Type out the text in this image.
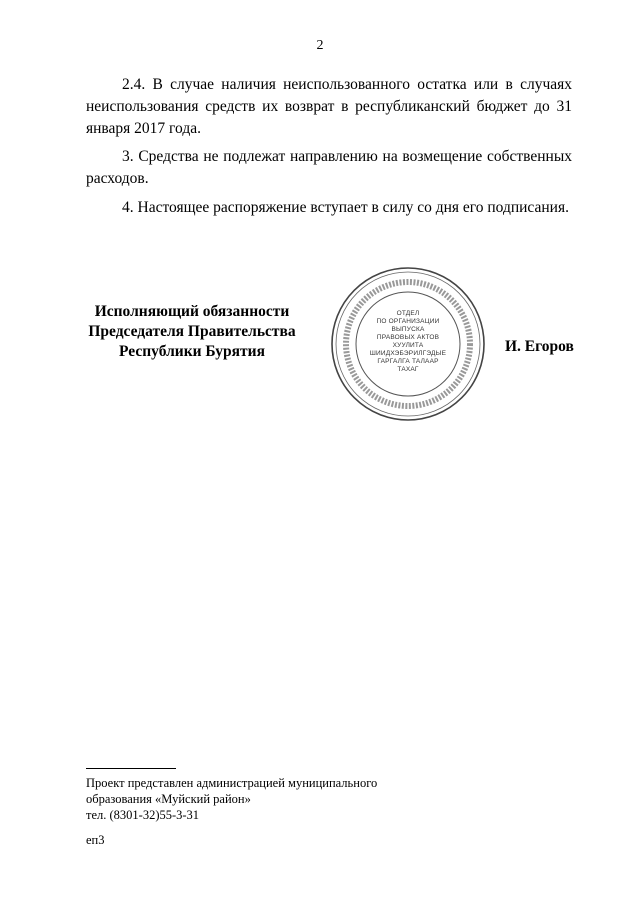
2

2.4. В случае наличия неиспользованного остатка или в случаях неиспользования средств их возврат в республиканский бюджет до 31 января 2017 года.

3. Средства не подлежат направлению на возмещение собственных расходов.

4. Настоящее распоряжение вступает в силу со дня его подписания.

Исполняющий обязанности
Председателя Правительства
Республики Бурятия
ОТДЕЛ
ПО ОРГАНИЗАЦИИ
ВЫПУСКА
ПРАВОВЫХ АКТОВ
ХУУЛИТА
ШИИДХЭБЭРИЛГЭДЫЕ
ГАРГАЛГА ТАЛААР
ТАХАГ
И. Егоров
Проект представлен администрацией муниципального
образования «Муйский район»
тел. (8301-32)55-3-31
еп3
